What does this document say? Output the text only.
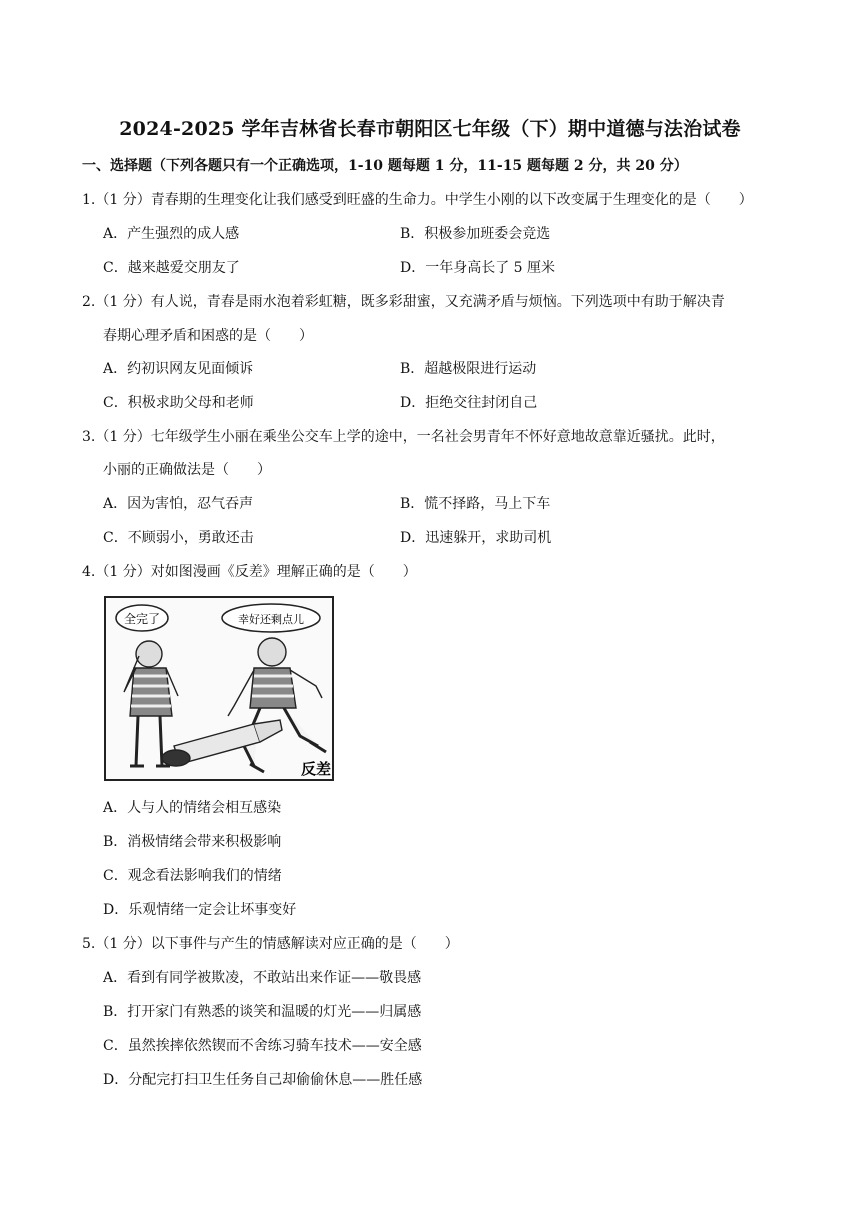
2024-2025 学年吉林省长春市朝阳区七年级（下）期中道德与法治试卷
一、选择题（下列各题只有一个正确选项，1-10 题每题 1 分，11-15 题每题 2 分，共 20 分）
1.（1 分）青春期的生理变化让我们感受到旺盛的生命力。中学生小刚的以下改变属于生理变化的是（　　）
A．产生强烈的成人感	B．积极参加班委会竞选
C．越来越爱交朋友了	D．一年身高长了 5 厘米
2.（1 分）有人说，青春是雨水泡着彩虹糖，既多彩甜蜜，又充满矛盾与烦恼。下列选项中有助于解决青
春期心理矛盾和困惑的是（　　）
A．约初识网友见面倾诉	B．超越极限进行运动
C．积极求助父母和老师	D．拒绝交往封闭自己
3.（1 分）七年级学生小丽在乘坐公交车上学的途中，一名社会男青年不怀好意地故意靠近骚扰。此时，
小丽的正确做法是（　　）
A．因为害怕，忍气吞声	B．慌不择路，马上下车
C．不顾弱小，勇敢还击	D．迅速躲开，求助司机
4.（1 分）对如图漫画《反差》理解正确的是（　　）
全完了	幸好还剩点儿
反差
A．人与人的情绪会相互感染
B．消极情绪会带来积极影响
C．观念看法影响我们的情绪
D．乐观情绪一定会让坏事变好
5.（1 分）以下事件与产生的情感解读对应正确的是（　　）
A．看到有同学被欺凌，不敢站出来作证——敬畏感
B．打开家门有熟悉的谈笑和温暖的灯光——归属感
C．虽然挨摔依然锲而不舍练习骑车技术——安全感
D．分配完打扫卫生任务自己却偷偷休息——胜任感
